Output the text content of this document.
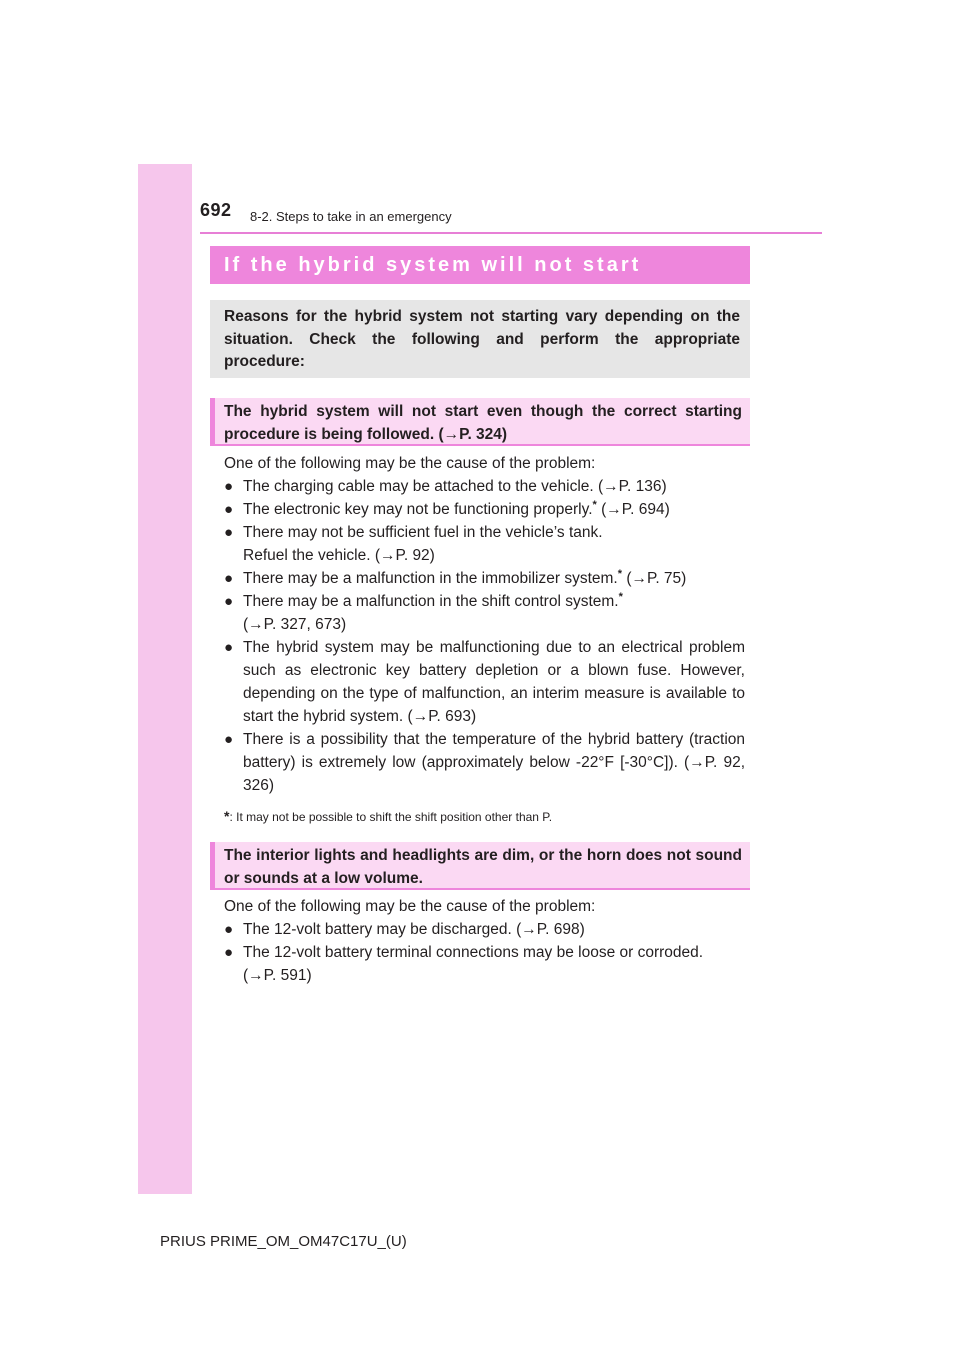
692 8-2. Steps to take in an emergency
If the hybrid system will not start
Reasons for the hybrid system not starting vary depending on the situation. Check the following and perform the appropriate procedure:
The hybrid system will not start even though the correct starting procedure is being followed. (→P. 324)
One of the following may be the cause of the problem:
● The charging cable may be attached to the vehicle. (→P. 136)
● The electronic key may not be functioning properly.* (→P. 694)
● There may not be sufficient fuel in the vehicle’s tank.
Refuel the vehicle. (→P. 92)
● There may be a malfunction in the immobilizer system.* (→P. 75)
● There may be a malfunction in the shift control system.*
(→P. 327, 673)
● The hybrid system may be malfunctioning due to an electrical problem such as electronic key battery depletion or a blown fuse. However, depending on the type of malfunction, an interim measure is available to start the hybrid system. (→P. 693)
● There is a possibility that the temperature of the hybrid battery (traction battery) is extremely low (approximately below -22°F [-30°C]). (→P. 92, 326)
*: It may not be possible to shift the shift position other than P.
The interior lights and headlights are dim, or the horn does not sound or sounds at a low volume.
One of the following may be the cause of the problem:
● The 12-volt battery may be discharged. (→P. 698)
● The 12-volt battery terminal connections may be loose or corroded.
(→P. 591)
PRIUS PRIME_OM_OM47C17U_(U)
